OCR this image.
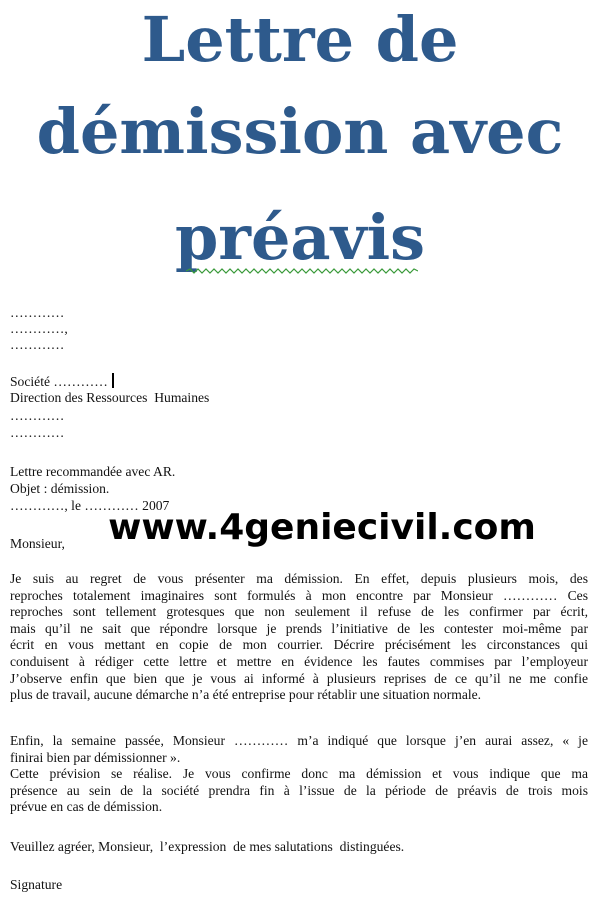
Lettre de
démission avec
préavis
…………
…………,
…………
Société …………
Direction des Ressources  Humaines
…………
…………
Lettre recommandée avec AR.
Objet : démission.
…………, le ………… 2007
www.4geniecivil.com
Monsieur,
Je suis au regret de vous présenter ma démission. En effet, depuis plusieurs mois, des
reproches totalement imaginaires sont formulés à mon encontre par Monsieur ………… Ces
reproches sont tellement grotesques que non seulement il refuse de les confirmer par écrit,
mais qu’il ne sait que répondre lorsque je prends l’initiative de les contester moi-même par
écrit en vous mettant en copie de mon courrier. Décrire précisément les circonstances qui
conduisent à rédiger cette lettre et mettre en évidence les fautes commises par l’employeur
J’observe enfin que bien que je vous ai informé à plusieurs reprises de ce qu’il ne me confie
plus de travail, aucune démarche n’a été entreprise pour rétablir une situation normale.
Enfin, la semaine passée, Monsieur ………… m’a indiqué que lorsque j’en aurai assez, « je
finirai bien par démissionner ».
Cette prévision se réalise. Je vous confirme donc ma démission et vous indique que ma
présence au sein de la société prendra fin à l’issue de la période de préavis de trois mois
prévue en cas de démission.
Veuillez agréer, Monsieur,  l’expression  de mes salutations  distinguées.
Signature
